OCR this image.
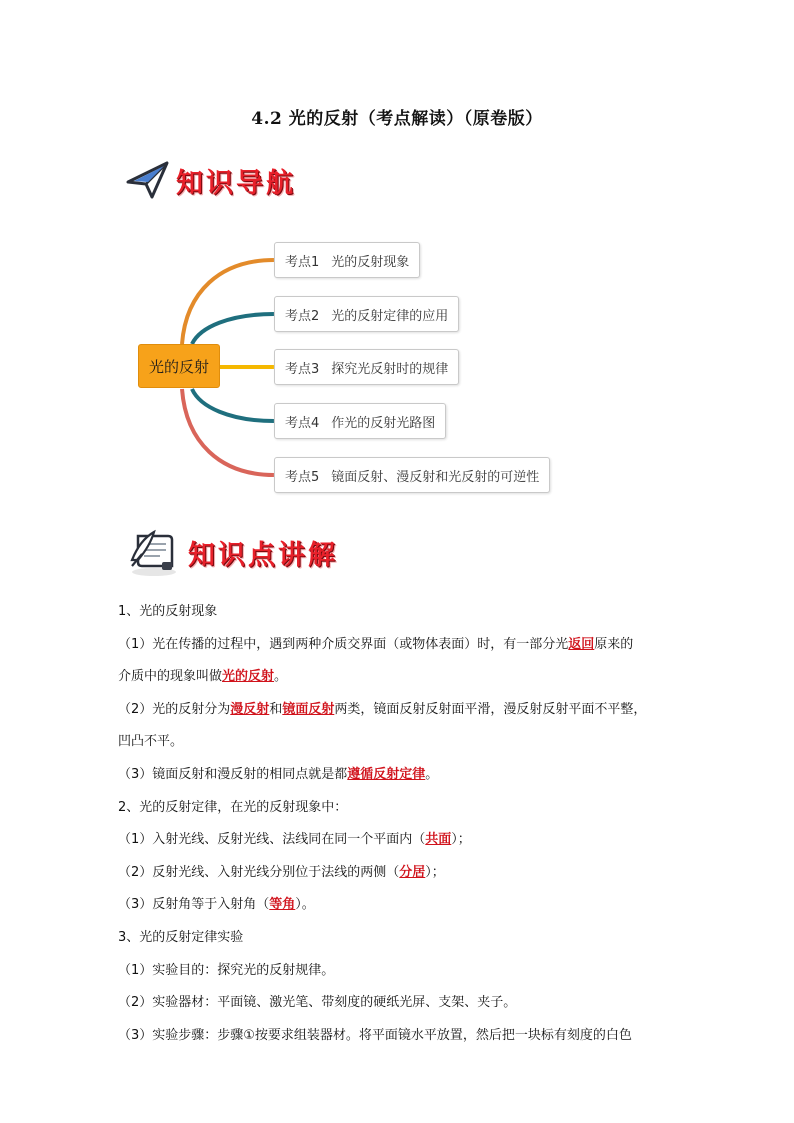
4.2 光的反射（考点解读）（原卷版）
知识导航
光的反射
考点1 光的反射现象
考点2 光的反射定律的应用
考点3 探究光反射时的规律
考点4 作光的反射光路图
考点5 镜面反射、漫反射和光反射的可逆性
知识点讲解
1、光的反射现象
（1）光在传播的过程中，遇到两种介质交界面（或物体表面）时，有一部分光返回原来的
介质中的现象叫做光的反射。
（2）光的反射分为漫反射和镜面反射两类，镜面反射反射面平滑，漫反射反射平面不平整，
凹凸不平。
（3）镜面反射和漫反射的相同点就是都遵循反射定律。
2、光的反射定律，在光的反射现象中：
（1）入射光线、反射光线、法线同在同一个平面内（共面）；
（2）反射光线、入射光线分别位于法线的两侧（分居）；
（3）反射角等于入射角（等角）。
3、光的反射定律实验
（1）实验目的：探究光的反射规律。
（2）实验器材：平面镜、激光笔、带刻度的硬纸光屏、支架、夹子。
（3）实验步骤：步骤①按要求组装器材。将平面镜水平放置，然后把一块标有刻度的白色
